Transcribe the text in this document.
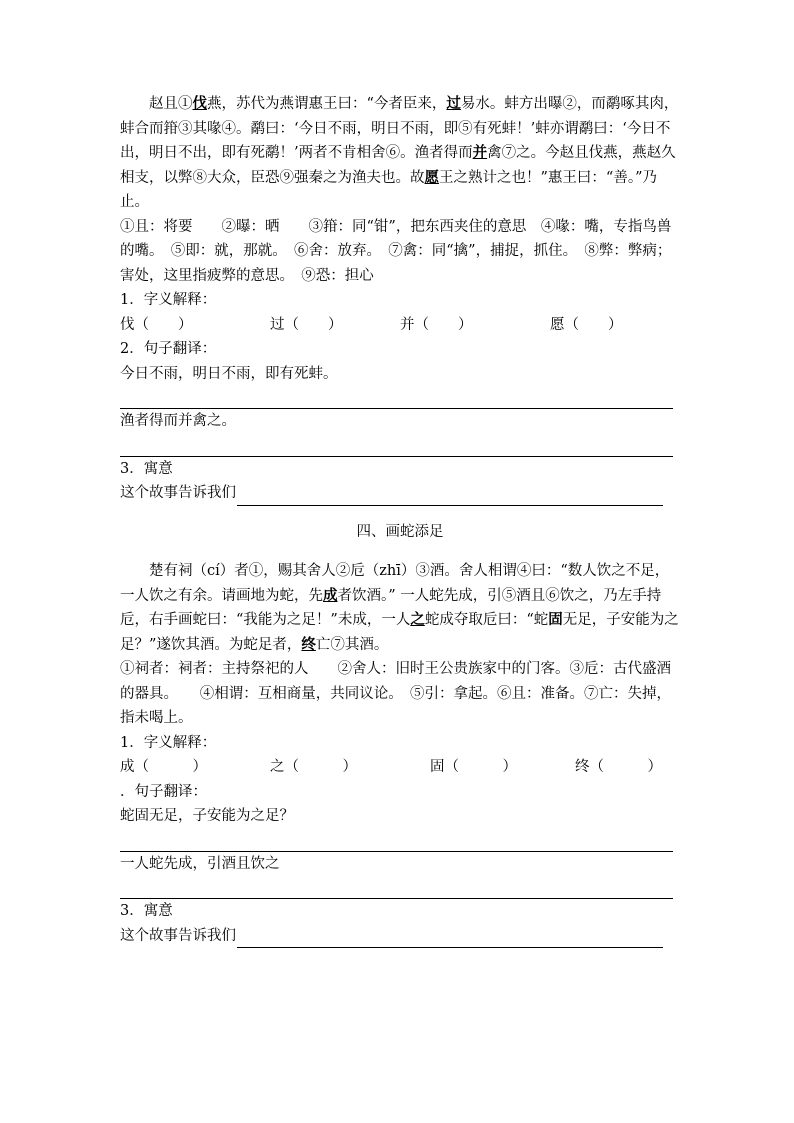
赵且①伐燕，苏代为燕谓惠王曰：“今者臣来，过易水。蚌方出曝②，而鹬啄其肉，蚌合而箝③其喙④。鹬曰：‘今日不雨，明日不雨，即⑤有死蚌！’蚌亦谓鹬曰：‘今日不出，明日不出，即有死鹬！’两者不肯相舍⑥。渔者得而并禽⑦之。今赵且伐燕，燕赵久相支，以弊⑧大众，臣恐⑨强秦之为渔夫也。故愿王之熟计之也！”惠王曰：“善。”乃止。

①且：将要　　②曝：晒　　③箝：同“钳”，把东西夹住的意思　④喙：嘴，专指鸟兽的嘴。　⑤即：就，那就。　⑥舍：放弃。　⑦禽：同“擒”，捕捉，抓住。　⑧弊：弊病；害处，这里指疲弊的意思。　⑨恐：担心

1．字义解释：

伐（　　）	过（　　）	并（　　）	愿（　　）

2．句子翻译：

今日不雨，明日不雨，即有死蚌。

渔者得而并禽之。

3．寓意

这个故事告诉我们

四、画蛇添足

楚有祠（cí）者①，赐其舍人②卮（zhī）③酒。舍人相谓④曰：“数人饮之不足，一人饮之有余。请画地为蛇，先成者饮酒。” 一人蛇先成，引⑤酒且⑥饮之，乃左手持卮，右手画蛇曰：“我能为之足！”未成，一人之蛇成夺取卮曰：“蛇固无足，子安能为之足？”遂饮其酒。为蛇足者，终亡⑦其酒。

①祠者：祠者：主持祭祀的人　　②舍人：旧时王公贵族家中的门客。③卮：古代盛酒的器具。　　④相谓：互相商量，共同议论。　⑤引：拿起。⑥且：准备。⑦亡：失掉，指未喝上。

1．字义解释：

成（　　　）	之（　　　）	固（　　　）	终（　　　）

．句子翻译：

蛇固无足，子安能为之足？

一人蛇先成，引酒且饮之

3．寓意

这个故事告诉我们
